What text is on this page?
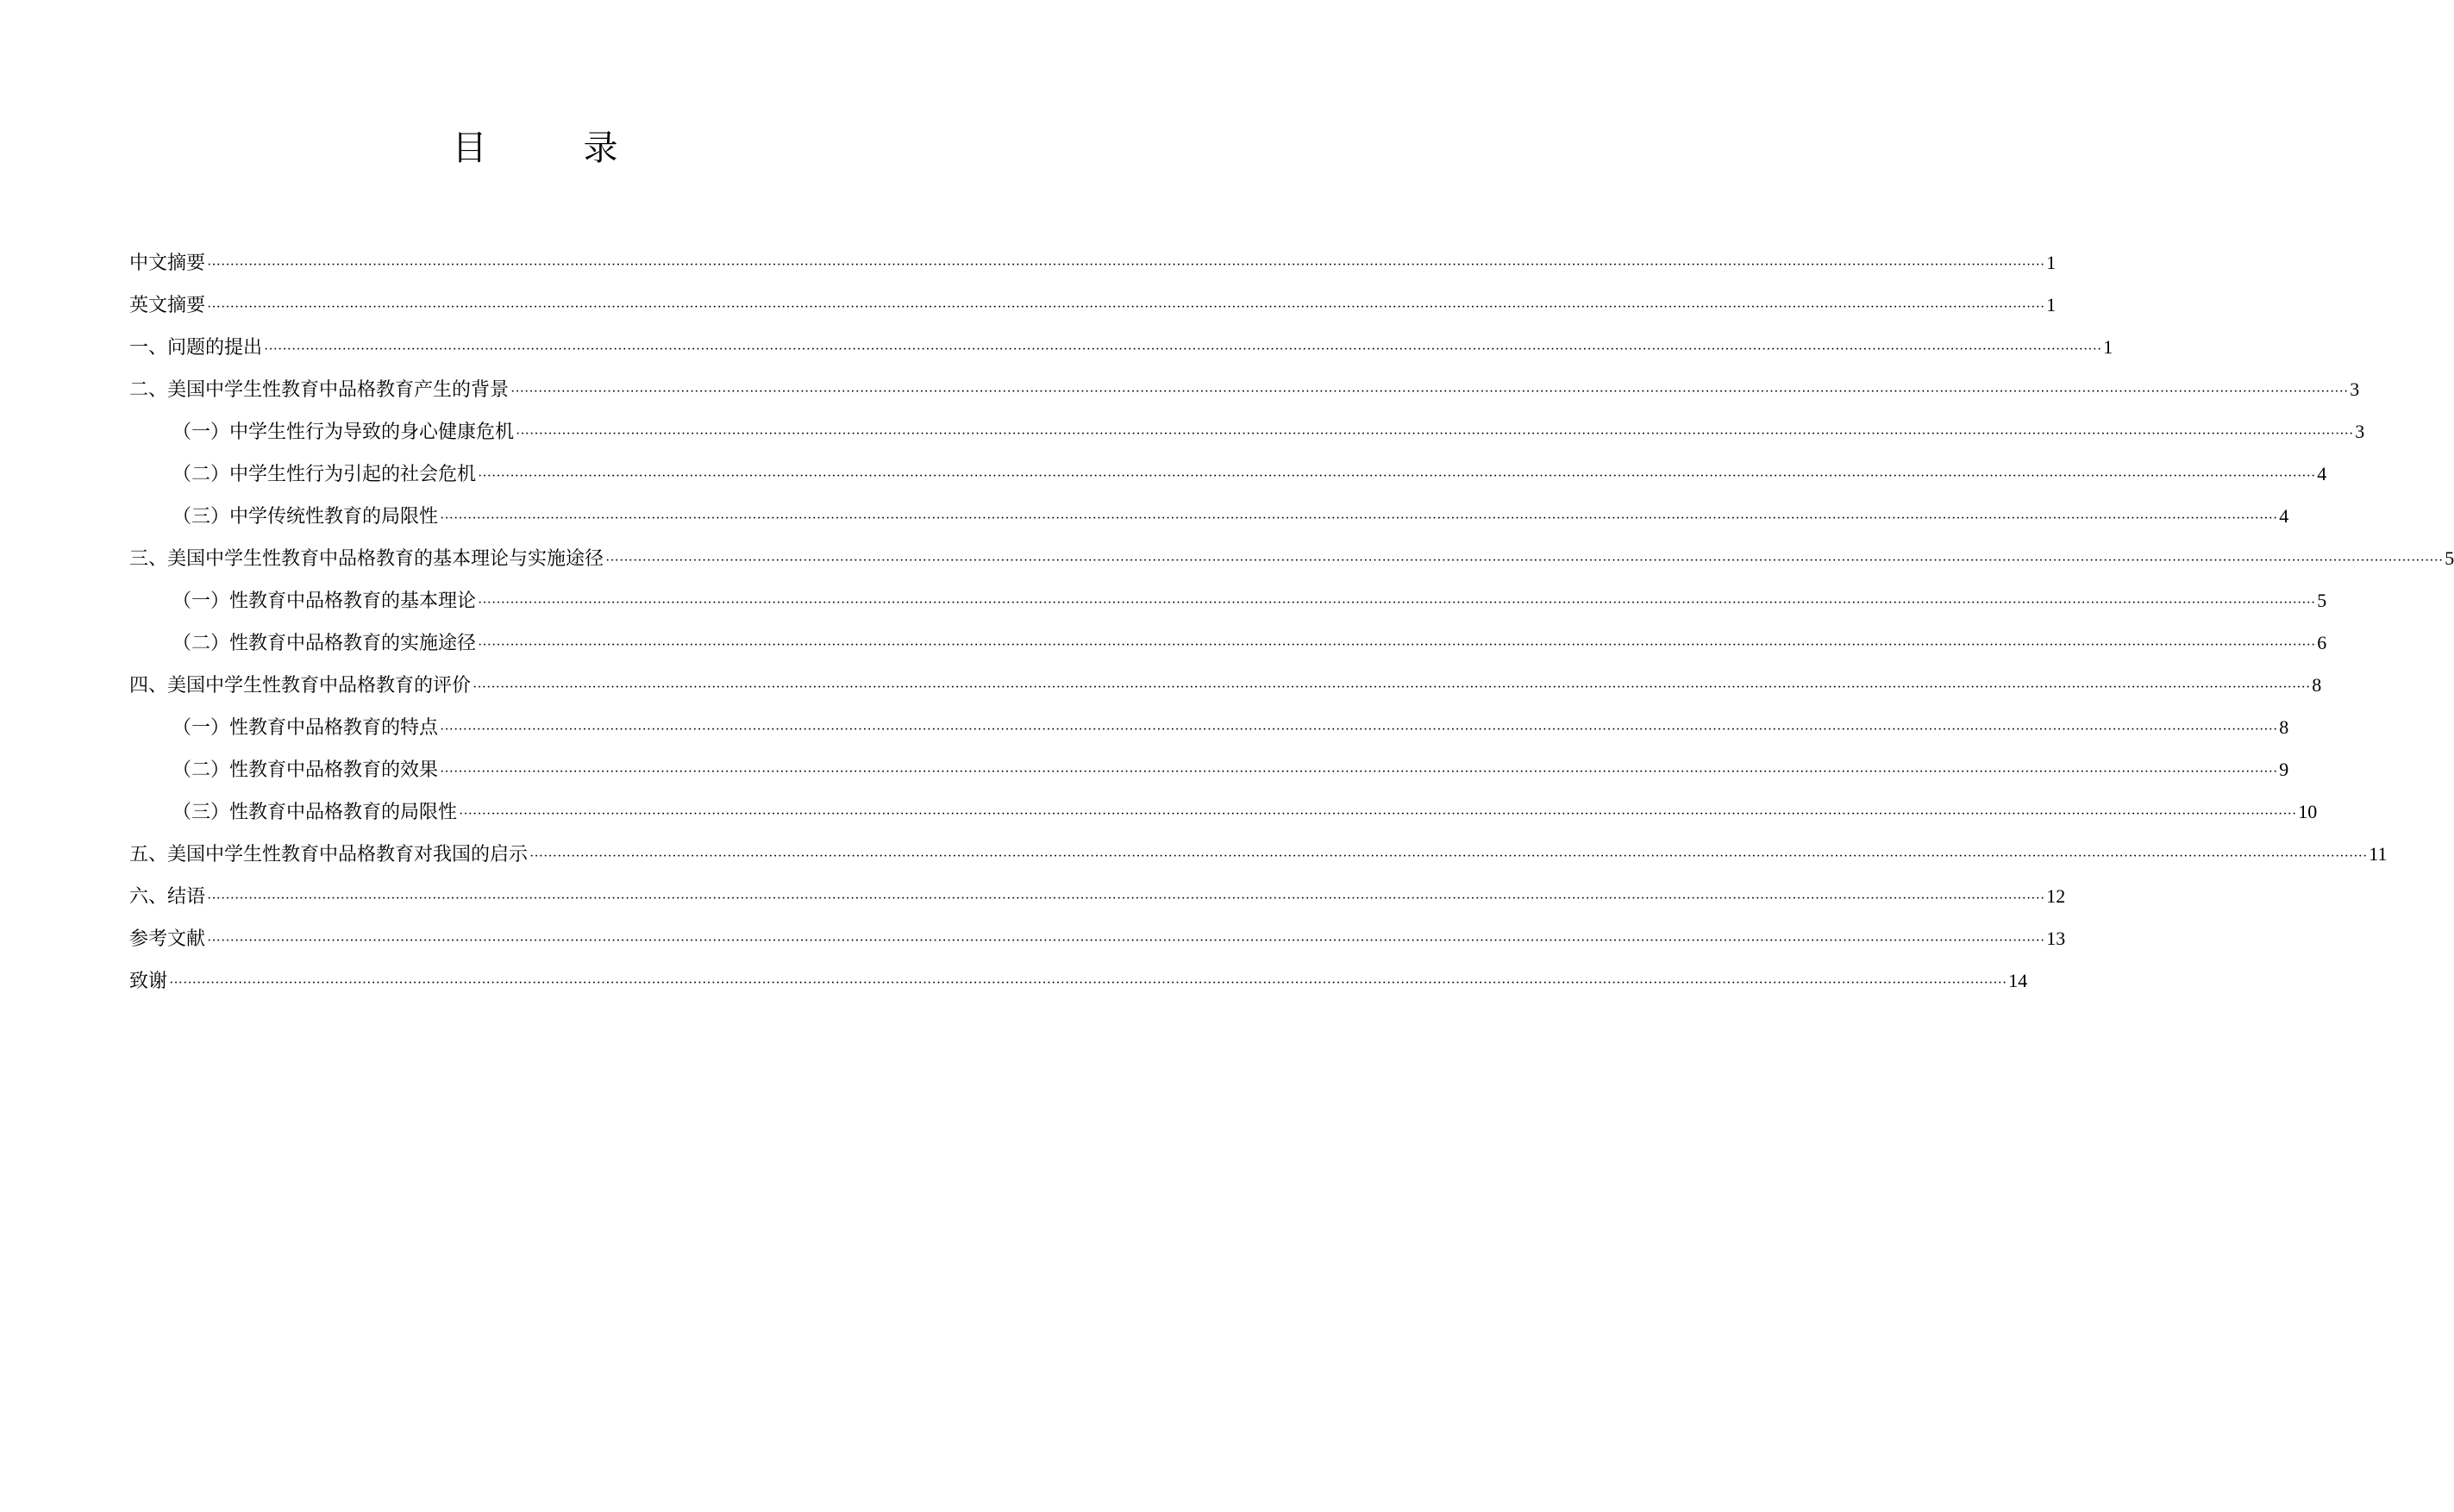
目　录
中文摘要 ················································································································································································································································································································································································································ 1
英文摘要 ················································································································································································································································································································································································································ 1
一、问题的提出 ················································································································································································································································································································································································································ 1
二、美国中学生性教育中品格教育产生的背景 ················································································································································································································································································································································································································ 3
（一）中学生性行为导致的身心健康危机 ················································································································································································································································································································································································································ 3
（二）中学生性行为引起的社会危机 ················································································································································································································································································································································································································ 4
（三）中学传统性教育的局限性 ················································································································································································································································································································································································································ 4
三、美国中学生性教育中品格教育的基本理论与实施途径 ················································································································································································································································································································································································································ 5
（一）性教育中品格教育的基本理论 ················································································································································································································································································································································································································ 5
（二）性教育中品格教育的实施途径 ················································································································································································································································································································································································································ 6
四、美国中学生性教育中品格教育的评价 ················································································································································································································································································································································································································ 8
（一）性教育中品格教育的特点 ················································································································································································································································································································································································································ 8
（二）性教育中品格教育的效果 ················································································································································································································································································································································································································ 9
（三）性教育中品格教育的局限性 ················································································································································································································································································································································································································ 10
五、美国中学生性教育中品格教育对我国的启示 ················································································································································································································································································································································································································ 11
六、结语 ················································································································································································································································································································································································································ 12
参考文献 ················································································································································································································································································································································································································ 13
致谢 ················································································································································································································································································································································································································ 14
